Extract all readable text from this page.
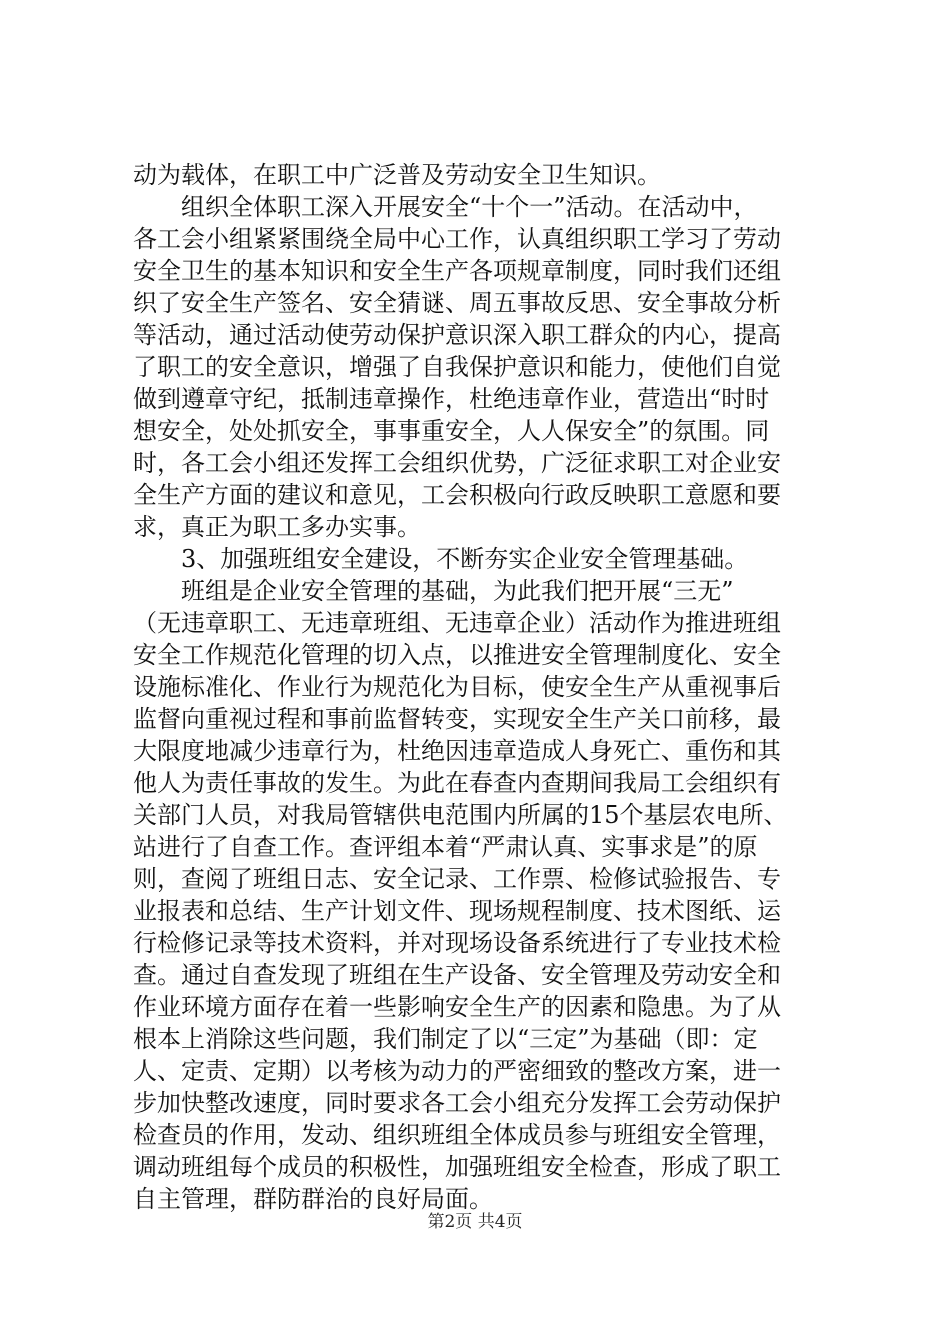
动为载体，在职工中广泛普及劳动安全卫生知识。
　　组织全体职工深入开展安全“十个一”活动。在活动中，
各工会小组紧紧围绕全局中心工作，认真组织职工学习了劳动
安全卫生的基本知识和安全生产各项规章制度，同时我们还组
织了安全生产签名、安全猜谜、周五事故反思、安全事故分析
等活动，通过活动使劳动保护意识深入职工群众的内心，提高
了职工的安全意识，增强了自我保护意识和能力，使他们自觉
做到遵章守纪，抵制违章操作，杜绝违章作业，营造出“时时
想安全，处处抓安全，事事重安全，人人保安全”的氛围。同
时，各工会小组还发挥工会组织优势，广泛征求职工对企业安
全生产方面的建议和意见，工会积极向行政反映职工意愿和要
求，真正为职工多办实事。
　　3、加强班组安全建设，不断夯实企业安全管理基础。
　　班组是企业安全管理的基础，为此我们把开展“三无”
（无违章职工、无违章班组、无违章企业）活动作为推进班组
安全工作规范化管理的切入点，以推进安全管理制度化、安全
设施标准化、作业行为规范化为目标，使安全生产从重视事后
监督向重视过程和事前监督转变，实现安全生产关口前移，最
大限度地减少违章行为，杜绝因违章造成人身死亡、重伤和其
他人为责任事故的发生。为此在春查内查期间我局工会组织有
关部门人员，对我局管辖供电范围内所属的15个基层农电所、
站进行了自查工作。查评组本着“严肃认真、实事求是”的原
则，查阅了班组日志、安全记录、工作票、检修试验报告、专
业报表和总结、生产计划文件、现场规程制度、技术图纸、运
行检修记录等技术资料，并对现场设备系统进行了专业技术检
查。通过自查发现了班组在生产设备、安全管理及劳动安全和
作业环境方面存在着一些影响安全生产的因素和隐患。为了从
根本上消除这些问题，我们制定了以“三定”为基础（即：定
人、定责、定期）以考核为动力的严密细致的整改方案，进一
步加快整改速度，同时要求各工会小组充分发挥工会劳动保护
检查员的作用，发动、组织班组全体成员参与班组安全管理，
调动班组每个成员的积极性，加强班组安全检查，形成了职工
自主管理，群防群治的良好局面。
第2页 共4页
